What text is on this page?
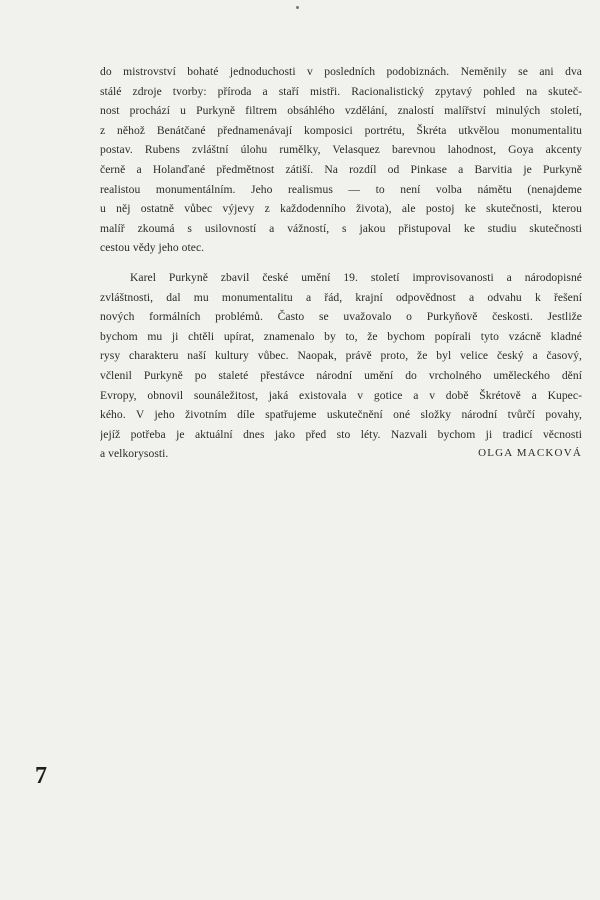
do mistrovství bohaté jednoduchosti v posledních podobiznách. Neměnily se ani dva
stálé zdroje tvorby: příroda a staří mistři. Racionalistický zpytavý pohled na skuteč-
nost prochází u Purkyně filtrem obsáhlého vzdělání, znalostí malířství minulých století,
z něhož Benátčané přednamenávají komposici portrétu, Škréta utkvělou monumentalitu
postav. Rubens zvláštní úlohu rumělky, Velasquez barevnou lahodnost, Goya akcenty
černě a Holanďané předmětnost zátiší. Na rozdíl od Pinkase a Barvitia je Purkyně
realistou monumentálním. Jeho realismus — to není volba námětu (nenajdeme
u něj ostatně vůbec výjevy z každodenního života), ale postoj ke skutečnosti, kterou
malíř zkoumá s usilovností a vážností, s jakou přistupoval ke studiu skutečnosti
cestou vědy jeho otec.
Karel Purkyně zbavil české umění 19. století improvisovanosti a národopisné
zvláštnosti, dal mu monumentalitu a řád, krajní odpovědnost a odvahu k řešení
nových formálních problémů. Často se uvažovalo o Purkyňově českosti. Jestliže
bychom mu ji chtěli upírat, znamenalo by to, že bychom popírali tyto vzácně kladné
rysy charakteru naší kultury vůbec. Naopak, právě proto, že byl velice český a časový,
včlenil Purkyně po staleté přestávce národní umění do vrcholného uměleckého dění
Evropy, obnovil sounáležitost, jaká existovala v gotice a v době Škrétově a Kupec-
kého. V jeho životním díle spatřujeme uskutečnění oné složky národní tvůrčí povahy,
jejíž potřeba je aktuální dnes jako před sto léty. Nazvali bychom ji tradicí věcnosti
a velkorysosti.	OLGA MACKOVÁ
7
